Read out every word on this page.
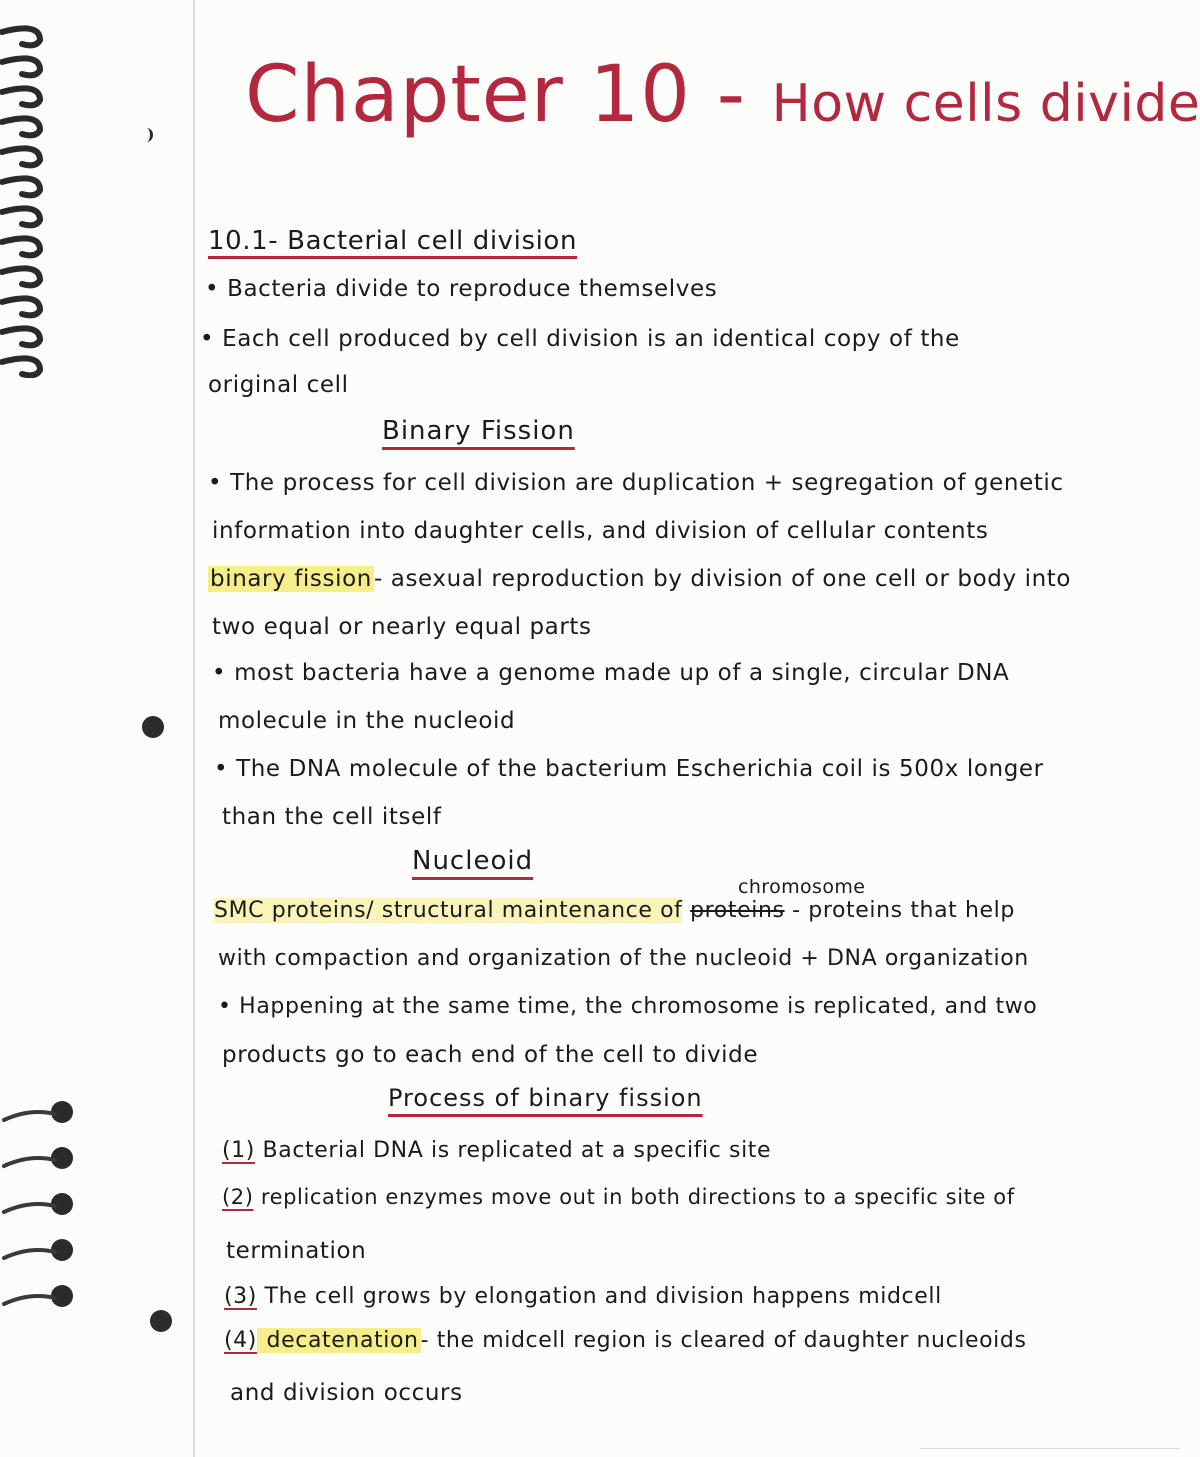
Chapter 10 - How cells divide
10.1- Bacterial cell division
• Bacteria divide to reproduce themselves
• Each cell produced by cell division is an identical copy of the
original cell
Binary Fission
• The process for cell division are duplication + segregation of genetic
information into daughter cells, and division of cellular contents
binary fission- asexual reproduction by division of one cell or body into
two equal or nearly equal parts
• most bacteria have a genome made up of a single, circular DNA
molecule in the nucleoid
• The DNA molecule of the bacterium Escherichia coil is 500x longer
than the cell itself
Nucleoid
chromosome
SMC proteins/ structural maintenance of proteins - proteins that help
with compaction and organization of the nucleoid + DNA organization
• Happening at the same time, the chromosome is replicated, and two
products go to each end of the cell to divide
Process of binary fission
(1) Bacterial DNA is replicated at a specific site
(2) replication enzymes move out in both directions to a specific site of
termination
(3) The cell grows by elongation and division happens midcell
(4) decatenation- the midcell region is cleared of daughter nucleoids
and division occurs
